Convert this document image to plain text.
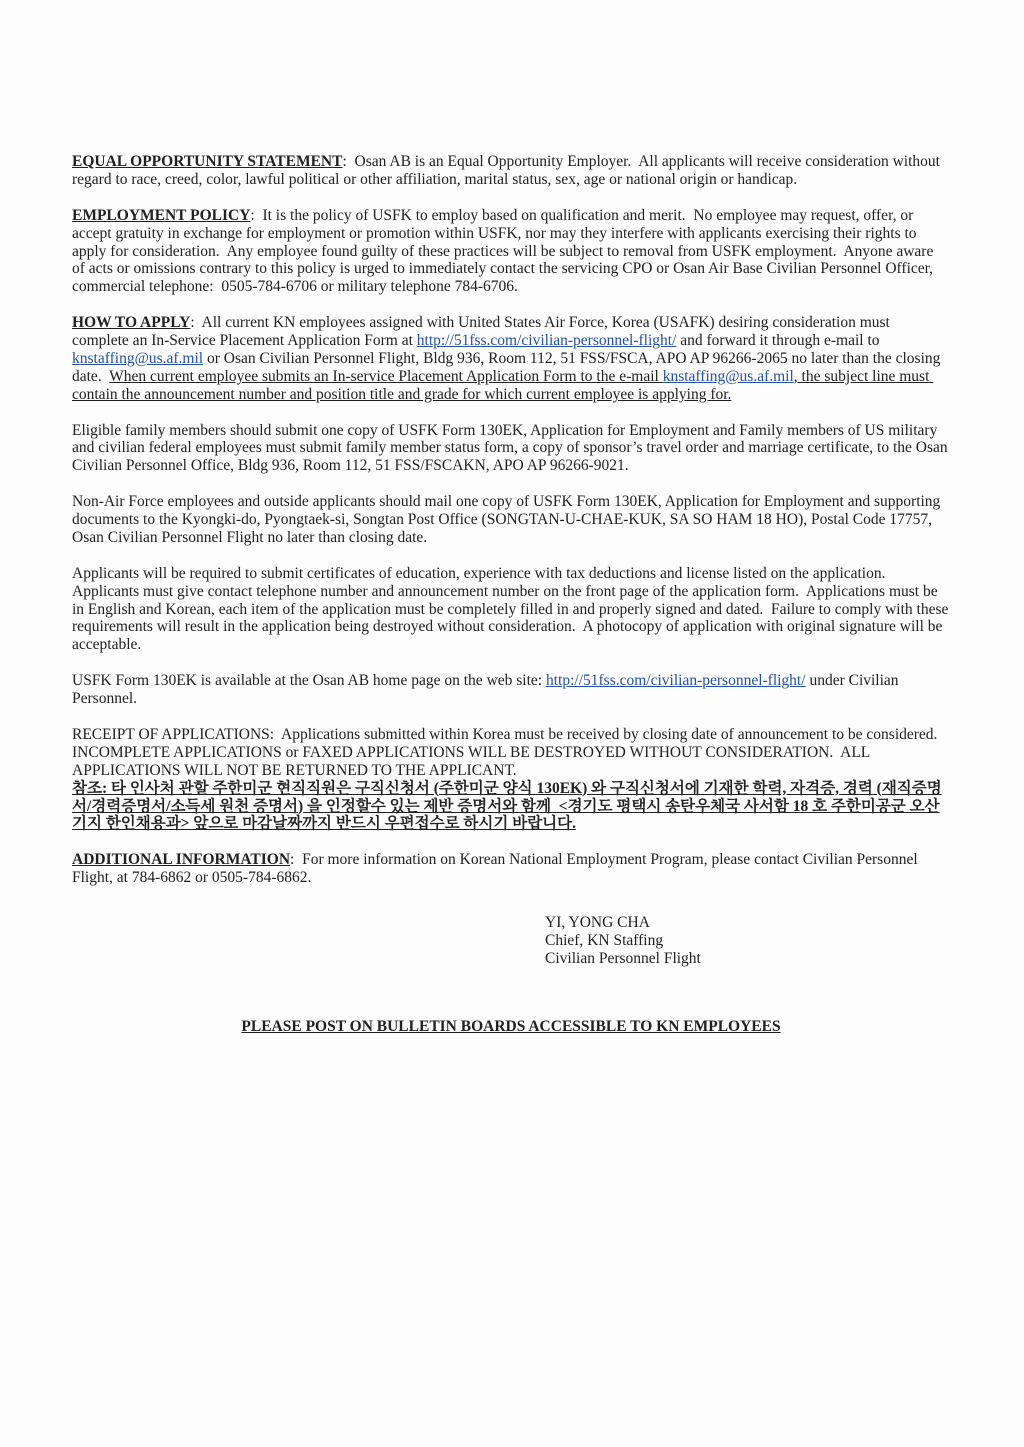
EQUAL OPPORTUNITY STATEMENT:  Osan AB is an Equal Opportunity Employer.  All applicants will receive consideration without regard to race, creed, color, lawful political or other affiliation, marital status, sex, age or national origin or handicap.

EMPLOYMENT POLICY:  It is the policy of USFK to employ based on qualification and merit.  No employee may request, offer, or accept gratuity in exchange for employment or promotion within USFK, nor may they interfere with applicants exercising their rights to apply for consideration.  Any employee found guilty of these practices will be subject to removal from USFK employment.  Anyone aware of acts or omissions contrary to this policy is urged to immediately contact the servicing CPO or Osan Air Base Civilian Personnel Officer, commercial telephone:  0505-784-6706 or military telephone 784-6706.

HOW TO APPLY:  All current KN employees assigned with United States Air Force, Korea (USAFK) desiring consideration must complete an In-Service Placement Application Form at http://51fss.com/civilian-personnel-flight/ and forward it through e-mail to knstaffing@us.af.mil or Osan Civilian Personnel Flight, Bldg 936, Room 112, 51 FSS/FSCA, APO AP 96266-2065 no later than the closing date.  When current employee submits an In-service Placement Application Form to the e-mail knstaffing@us.af.mil, the subject line must contain the announcement number and position title and grade for which current employee is applying for.

Eligible family members should submit one copy of USFK Form 130EK, Application for Employment and Family members of US military and civilian federal employees must submit family member status form, a copy of sponsor’s travel order and marriage certificate, to the Osan Civilian Personnel Office, Bldg 936, Room 112, 51 FSS/FSCAKN, APO AP 96266-9021.

Non-Air Force employees and outside applicants should mail one copy of USFK Form 130EK, Application for Employment and supporting documents to the Kyongki-do, Pyongtaek-si, Songtan Post Office (SONGTAN-U-CHAE-KUK, SA SO HAM 18 HO), Postal Code 17757, Osan Civilian Personnel Flight no later than closing date.

Applicants will be required to submit certificates of education, experience with tax deductions and license listed on the application.  Applicants must give contact telephone number and announcement number on the front page of the application form.  Applications must be in English and Korean, each item of the application must be completely filled in and properly signed and dated.  Failure to comply with these requirements will result in the application being destroyed without consideration.  A photocopy of application with original signature will be acceptable.

USFK Form 130EK is available at the Osan AB home page on the web site: http://51fss.com/civilian-personnel-flight/ under Civilian Personnel.

RECEIPT OF APPLICATIONS:  Applications submitted within Korea must be received by closing date of announcement to be considered.  INCOMPLETE APPLICATIONS or FAXED APPLICATIONS WILL BE DESTROYED WITHOUT CONSIDERATION.  ALL APPLICATIONS WILL NOT BE RETURNED TO THE APPLICANT.
참조: 타 인사처 관할 주한미군 현직직원은 구직신청서 (주한미군 양식 130EK) 와 구직신청서에 기재한 학력, 자격증, 경력 (재직증명서/경력증명서/소득세 원천 증명서) 을 인정할수 있는 제반 증명서와 함께  <경기도 평택시 송탄우체국 사서함 18 호 주한미공군 오산기지 한인채용과> 앞으로 마감날짜까지 반드시 우편접수로 하시기 바랍니다.

ADDITIONAL INFORMATION:  For more information on Korean National Employment Program, please contact Civilian Personnel Flight, at 784-6862 or 0505-784-6862.

YI, YONG CHA
Chief, KN Staffing
Civilian Personnel Flight
PLEASE POST ON BULLETIN BOARDS ACCESSIBLE TO KN EMPLOYEES
